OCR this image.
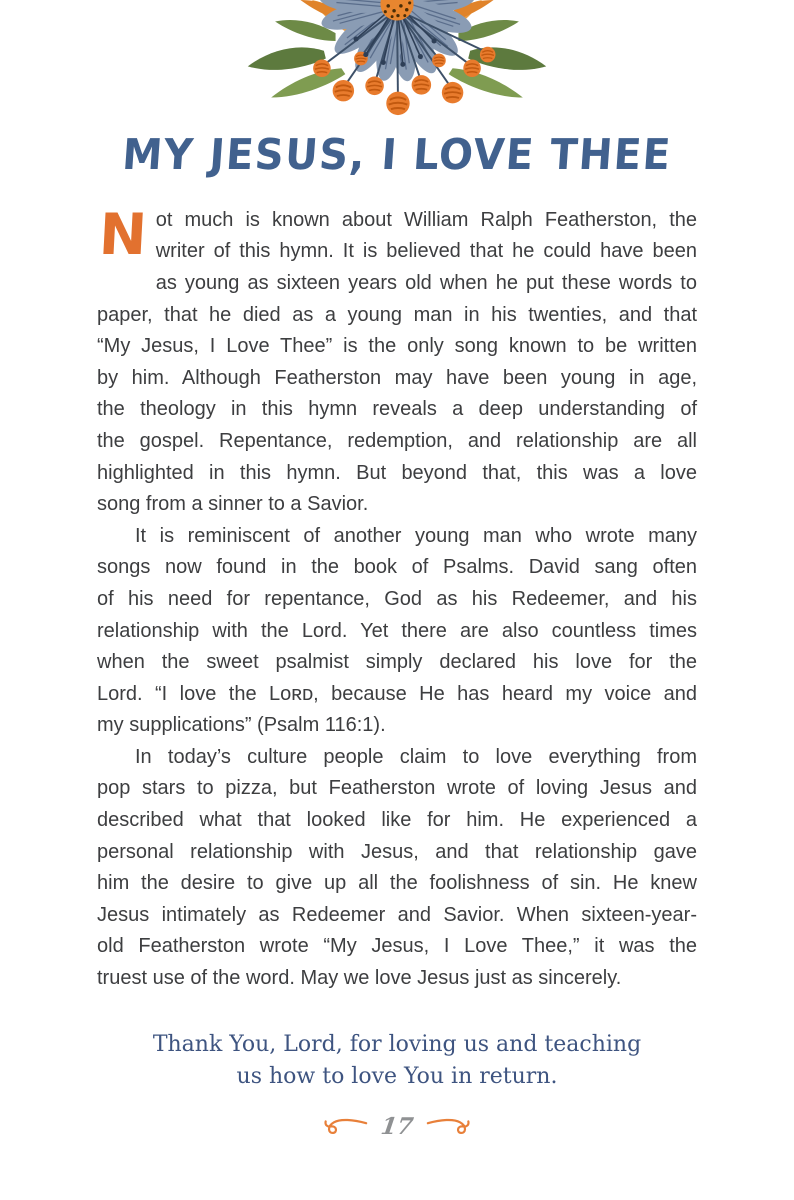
MY JESUS, I LOVE THEE

N ot much is known about William Ralph Featherston, the
writer of this hymn. It is believed that he could have been
as young as sixteen years old when he put these words to
paper, that he died as a young man in his twenties, and that
“My Jesus, I Love Thee” is the only song known to be written
by him. Although Featherston may have been young in age,
the theology in this hymn reveals a deep understanding of
the gospel. Repentance, redemption, and relationship are all
highlighted in this hymn. But beyond that, this was a love
song from a sinner to a Savior.

It is reminiscent of another young man who wrote many
songs now found in the book of Psalms. David sang often
of his need for repentance, God as his Redeemer, and his
relationship with the Lord. Yet there are also countless times
when the sweet psalmist simply declared his love for the
Lord. “I love the Lᴏʀᴅ, because He has heard my voice and
my supplications” (Psalm 116:1).

In today’s culture people claim to love everything from
pop stars to pizza, but Featherston wrote of loving Jesus and
described what that looked like for him. He experienced a
personal relationship with Jesus, and that relationship gave
him the desire to give up all the foolishness of sin. He knew
Jesus intimately as Redeemer and Savior. When sixteen-year-
old Featherston wrote “My Jesus, I Love Thee,” it was the
truest use of the word. May we love Jesus just as sincerely.

Thank You, Lord, for loving us and teaching
us how to love You in return.
17
